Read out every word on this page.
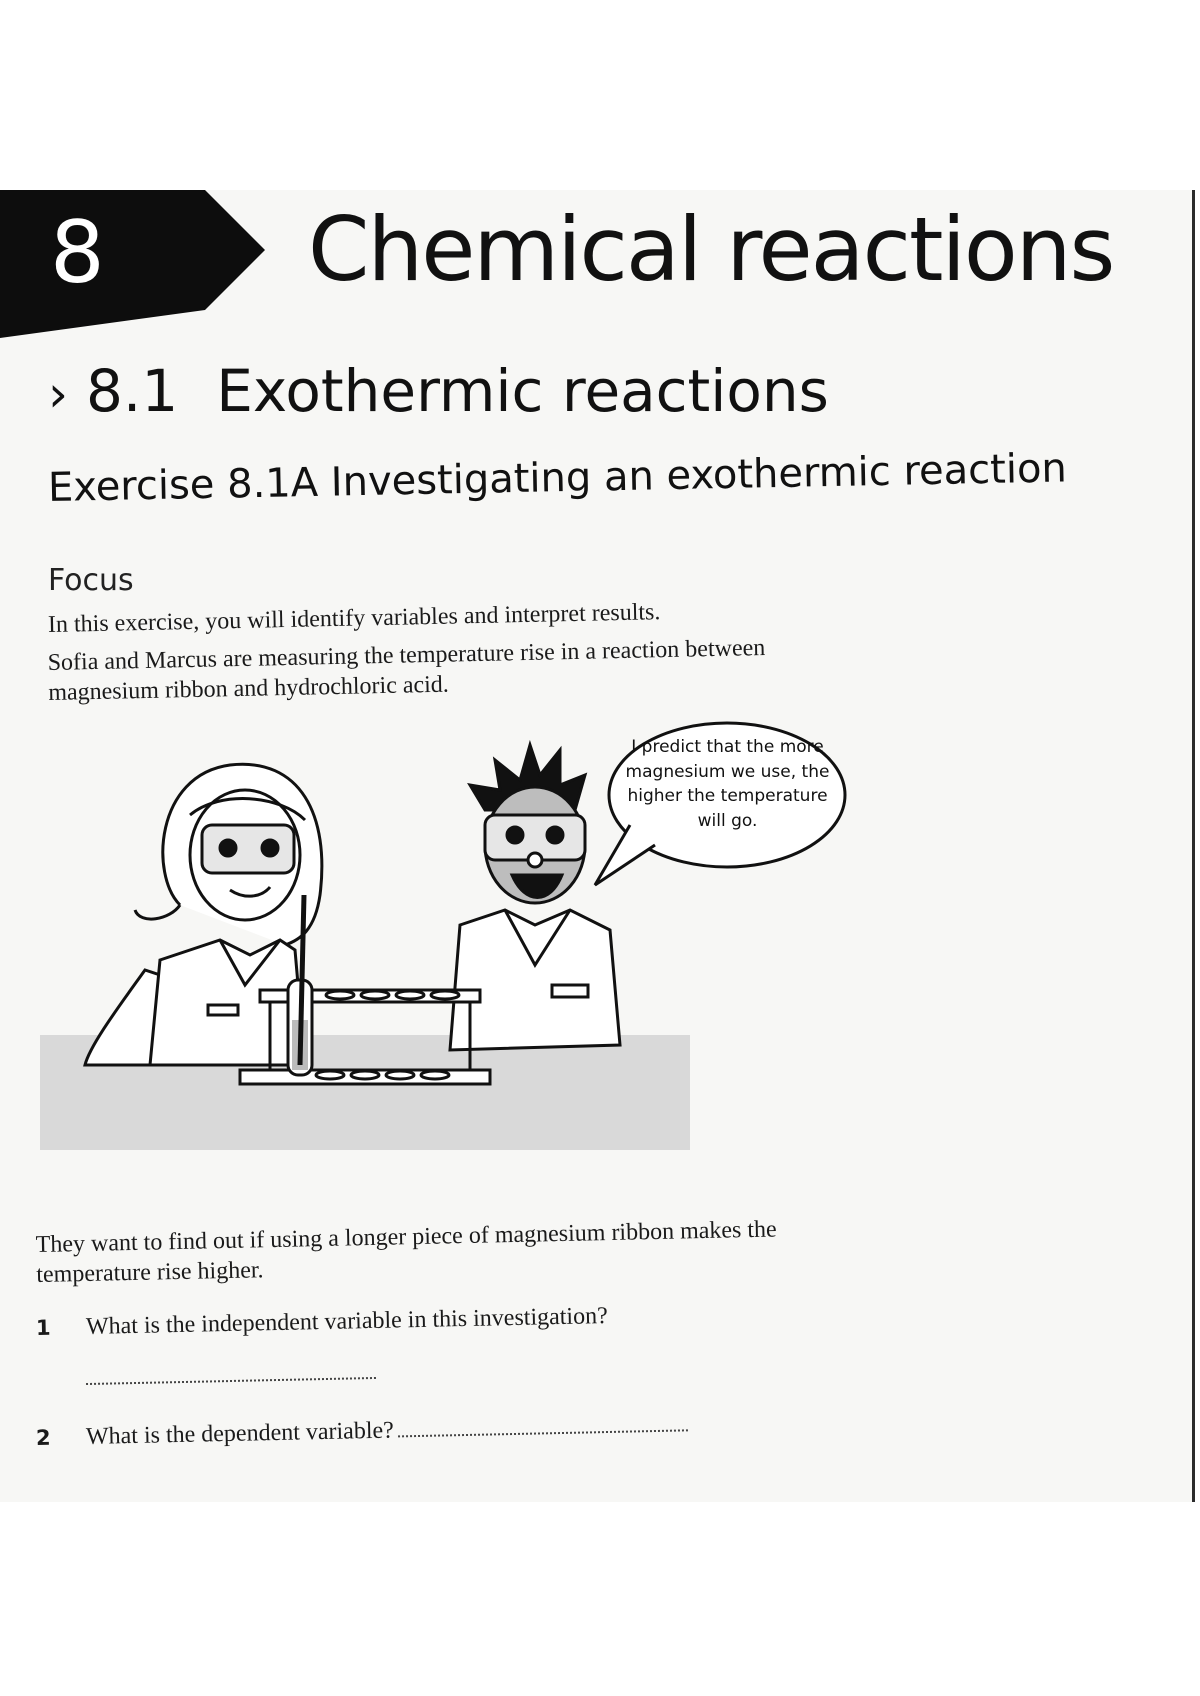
8 Chemical reactions
› 8.1 Exothermic reactions
Exercise 8.1A Investigating an exothermic reaction
Focus
In this exercise, you will identify variables and interpret results.
Sofia and Marcus are measuring the temperature rise in a reaction between magnesium ribbon and hydrochloric acid.
I predict that the more magnesium we use, the higher the temperature will go.
They want to find out if using a longer piece of magnesium ribbon makes the temperature rise higher.
1 What is the independent variable in this investigation?
2 What is the dependent variable?
